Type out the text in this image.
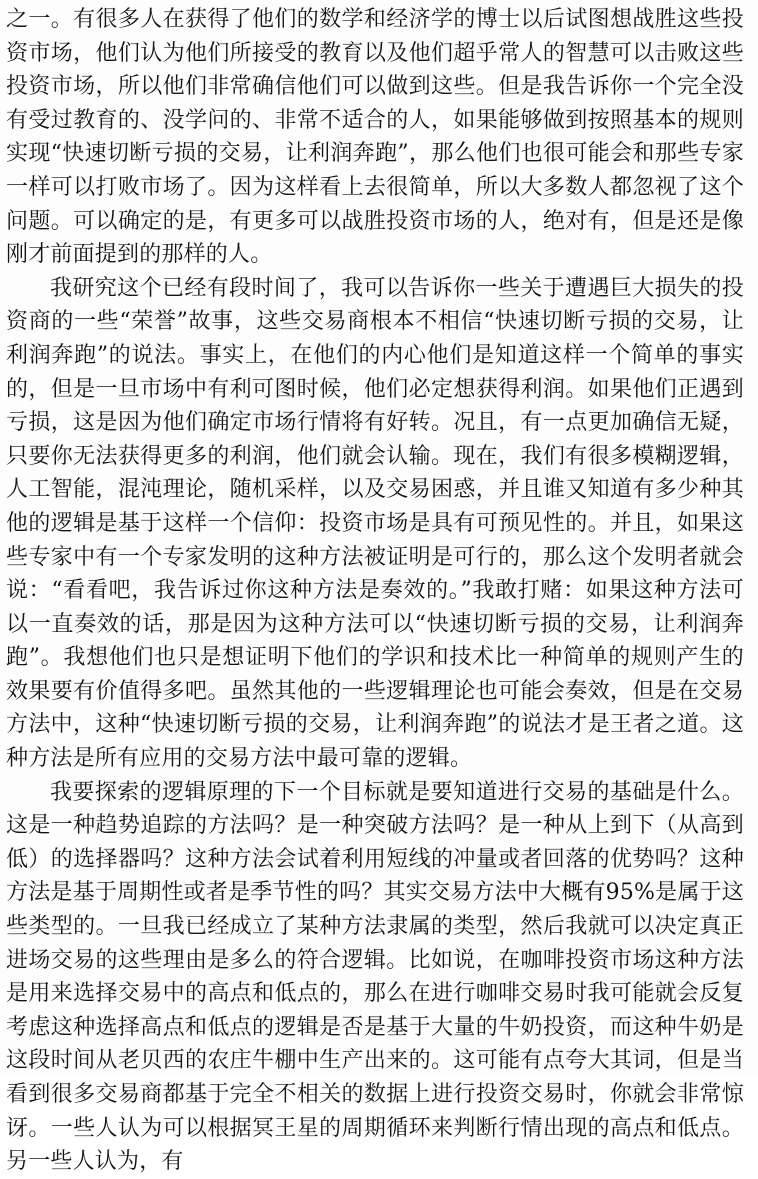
之一。有很多人在获得了他们的数学和经济学的博士以后试图想战胜这些投资市场，他们认为他们所接受的教育以及他们超乎常人的智慧可以击败这些投资市场，所以他们非常确信他们可以做到这些。但是我告诉你一个完全没有受过教育的、没学问的、非常不适合的人，如果能够做到按照基本的规则实现“快速切断亏损的交易，让利润奔跑”，那么他们也很可能会和那些专家一样可以打败市场了。因为这样看上去很简单，所以大多数人都忽视了这个问题。可以确定的是，有更多可以战胜投资市场的人，绝对有，但是还是像刚才前面提到的那样的人。

我研究这个已经有段时间了，我可以告诉你一些关于遭遇巨大损失的投资商的一些“荣誉”故事，这些交易商根本不相信“快速切断亏损的交易，让利润奔跑”的说法。事实上，在他们的内心他们是知道这样一个简单的事实的，但是一旦市场中有利可图时候，他们必定想获得利润。如果他们正遇到亏损，这是因为他们确定市场行情将有好转。况且，有一点更加确信无疑，只要你无法获得更多的利润，他们就会认输。现在，我们有很多模糊逻辑，人工智能，混沌理论，随机采样，以及交易困惑，并且谁又知道有多少种其他的逻辑是基于这样一个信仰：投资市场是具有可预见性的。并且，如果这些专家中有一个专家发明的这种方法被证明是可行的，那么这个发明者就会说：“看看吧，我告诉过你这种方法是奏效的。”我敢打赌：如果这种方法可以一直奏效的话，那是因为这种方法可以“快速切断亏损的交易，让利润奔跑”。我想他们也只是想证明下他们的学识和技术比一种简单的规则产生的效果要有价值得多吧。虽然其他的一些逻辑理论也可能会奏效，但是在交易方法中，这种“快速切断亏损的交易，让利润奔跑”的说法才是王者之道。这种方法是所有应用的交易方法中最可靠的逻辑。

我要探索的逻辑原理的下一个目标就是要知道进行交易的基础是什么。这是一种趋势追踪的方法吗？是一种突破方法吗？是一种从上到下（从高到低）的选择器吗？这种方法会试着利用短线的冲量或者回落的优势吗？这种方法是基于周期性或者是季节性的吗？其实交易方法中大概有95%是属于这些类型的。一旦我已经成立了某种方法隶属的类型，然后我就可以决定真正进场交易的这些理由是多么的符合逻辑。比如说，在咖啡投资市场这种方法是用来选择交易中的高点和低点的，那么在进行咖啡交易时我可能就会反复考虑这种选择高点和低点的逻辑是否是基于大量的牛奶投资，而这种牛奶是这段时间从老贝西的农庄牛棚中生产出来的。这可能有点夸大其词，但是当看到很多交易商都基于完全不相关的数据上进行投资交易时，你就会非常惊讶。一些人认为可以根据冥王星的周期循环来判断行情出现的高点和低点。另一些人认为，有
